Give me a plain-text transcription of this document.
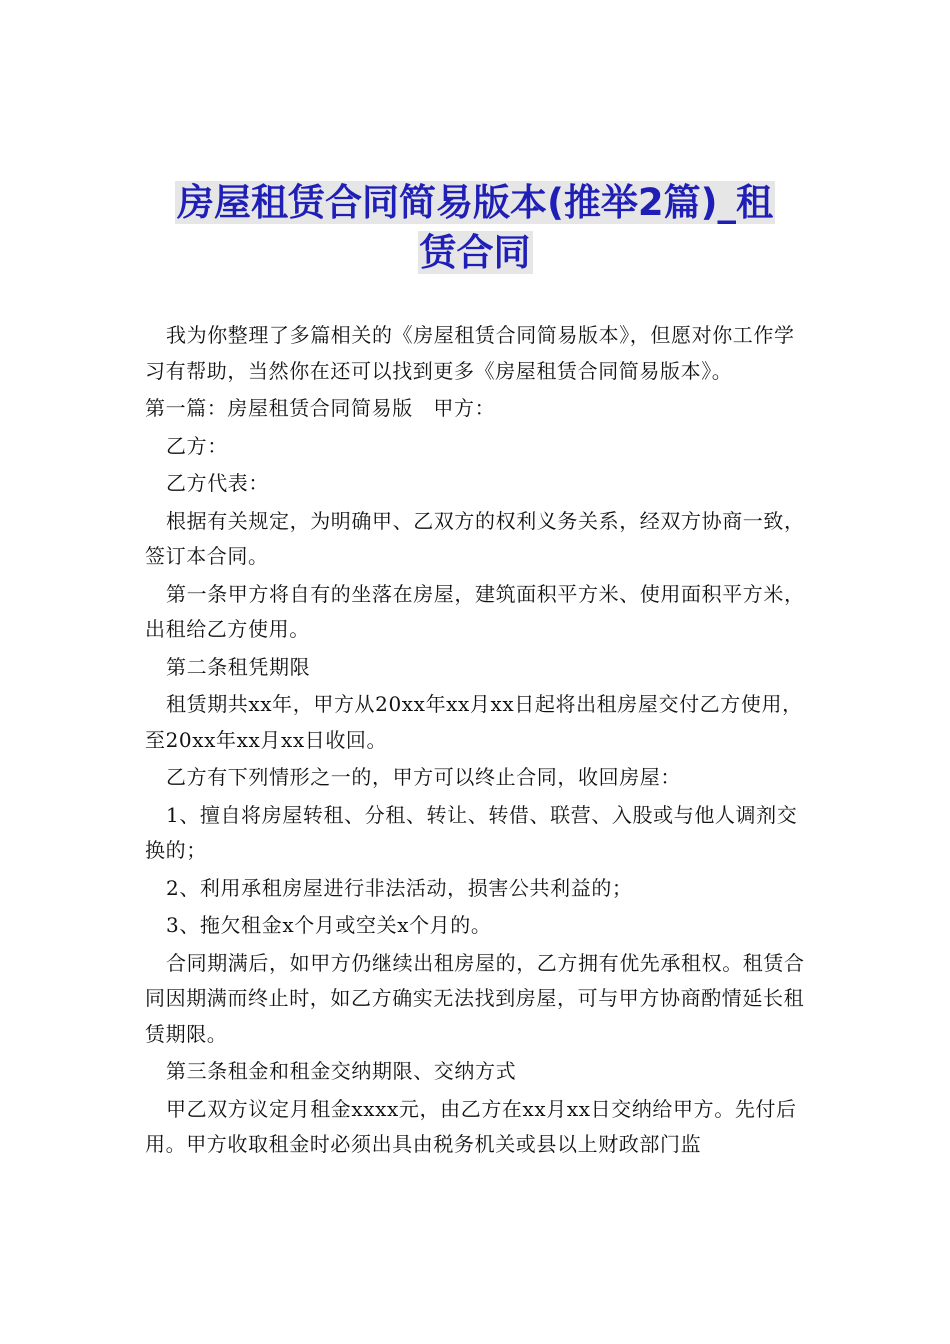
房屋租赁合同简易版本(推举2篇)_租
赁合同

我为你整理了多篇相关的《房屋租赁合同简易版本》，但愿对你工作学习有帮助，当然你在还可以找到更多《房屋租赁合同简易版本》。

第一篇：房屋租赁合同简易版　甲方：

乙方：

乙方代表：

根据有关规定，为明确甲、乙双方的权利义务关系，经双方协商一致，签订本合同。

第一条甲方将自有的坐落在房屋，建筑面积平方米、使用面积平方米，出租给乙方使用。

第二条租凭期限

租赁期共xx年，甲方从20xx年xx月xx日起将出租房屋交付乙方使用，至20xx年xx月xx日收回。

乙方有下列情形之一的，甲方可以终止合同，收回房屋：

1、擅自将房屋转租、分租、转让、转借、联营、入股或与他人调剂交换的；

2、利用承租房屋进行非法活动，损害公共利益的；

3、拖欠租金x个月或空关x个月的。

合同期满后，如甲方仍继续出租房屋的，乙方拥有优先承租权。租赁合同因期满而终止时，如乙方确实无法找到房屋，可与甲方协商酌情延长租赁期限。

第三条租金和租金交纳期限、交纳方式

甲乙双方议定月租金xxxx元，由乙方在xx月xx日交纳给甲方。先付后用。甲方收取租金时必须出具由税务机关或县以上财政部门监
